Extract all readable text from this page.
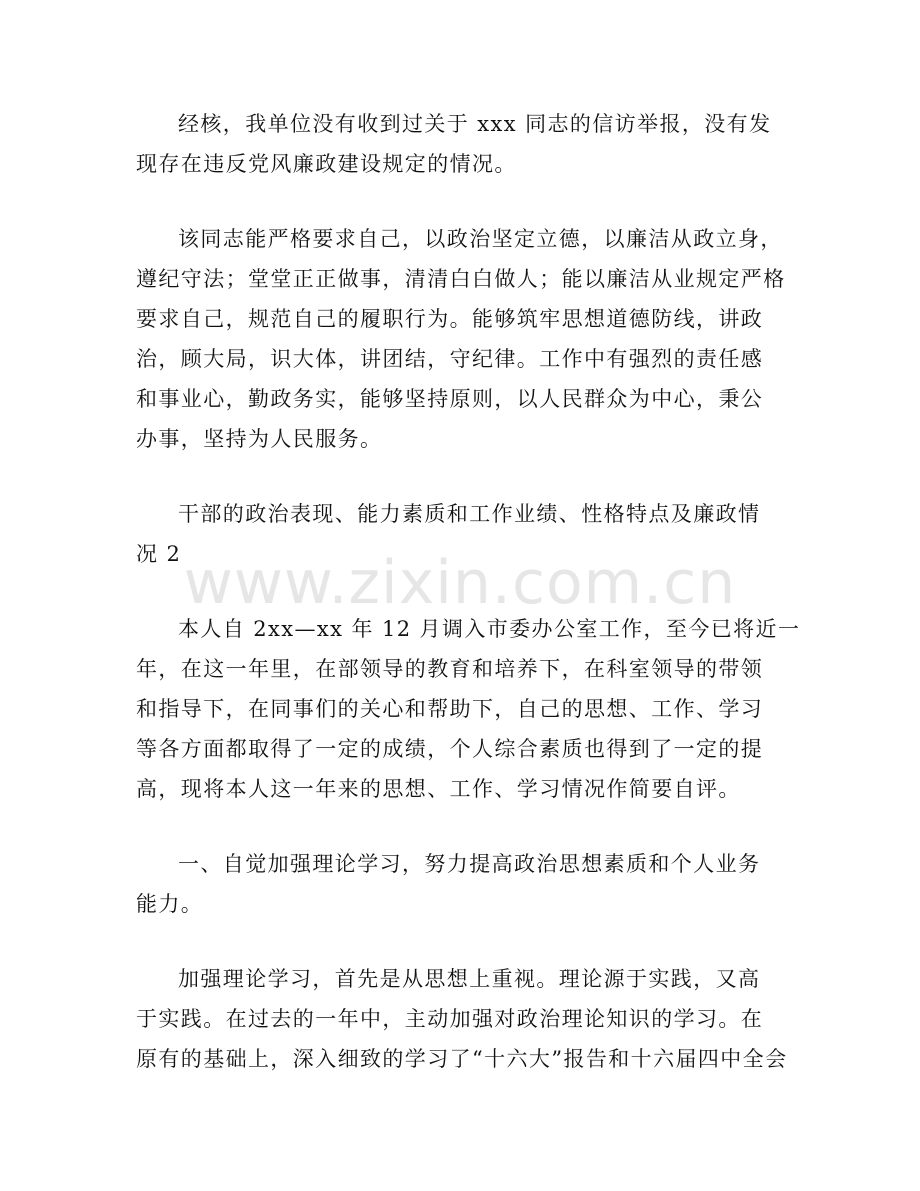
www.zixin.com.cn

经核，我单位没有收到过关于 xxx 同志的信访举报，没有发
现存在违反党风廉政建设规定的情况。

该同志能严格要求自己，以政治坚定立德，以廉洁从政立身，
遵纪守法；堂堂正正做事，清清白白做人；能以廉洁从业规定严格
要求自己，规范自己的履职行为。能够筑牢思想道德防线，讲政
治，顾大局，识大体，讲团结，守纪律。工作中有强烈的责任感
和事业心，勤政务实，能够坚持原则，以人民群众为中心，秉公
办事，坚持为人民服务。

干部的政治表现、能力素质和工作业绩、性格特点及廉政情
况 2

本人自 2xx—xx 年 12 月调入市委办公室工作，至今已将近一
年，在这一年里，在部领导的教育和培养下，在科室领导的带领
和指导下，在同事们的关心和帮助下，自己的思想、工作、学习
等各方面都取得了一定的成绩，个人综合素质也得到了一定的提
高，现将本人这一年来的思想、工作、学习情况作简要自评。

一、自觉加强理论学习，努力提高政治思想素质和个人业务
能力。

加强理论学习，首先是从思想上重视。理论源于实践，又高
于实践。在过去的一年中，主动加强对政治理论知识的学习。在
原有的基础上，深入细致的学习了“十六大”报告和十六届四中全会
